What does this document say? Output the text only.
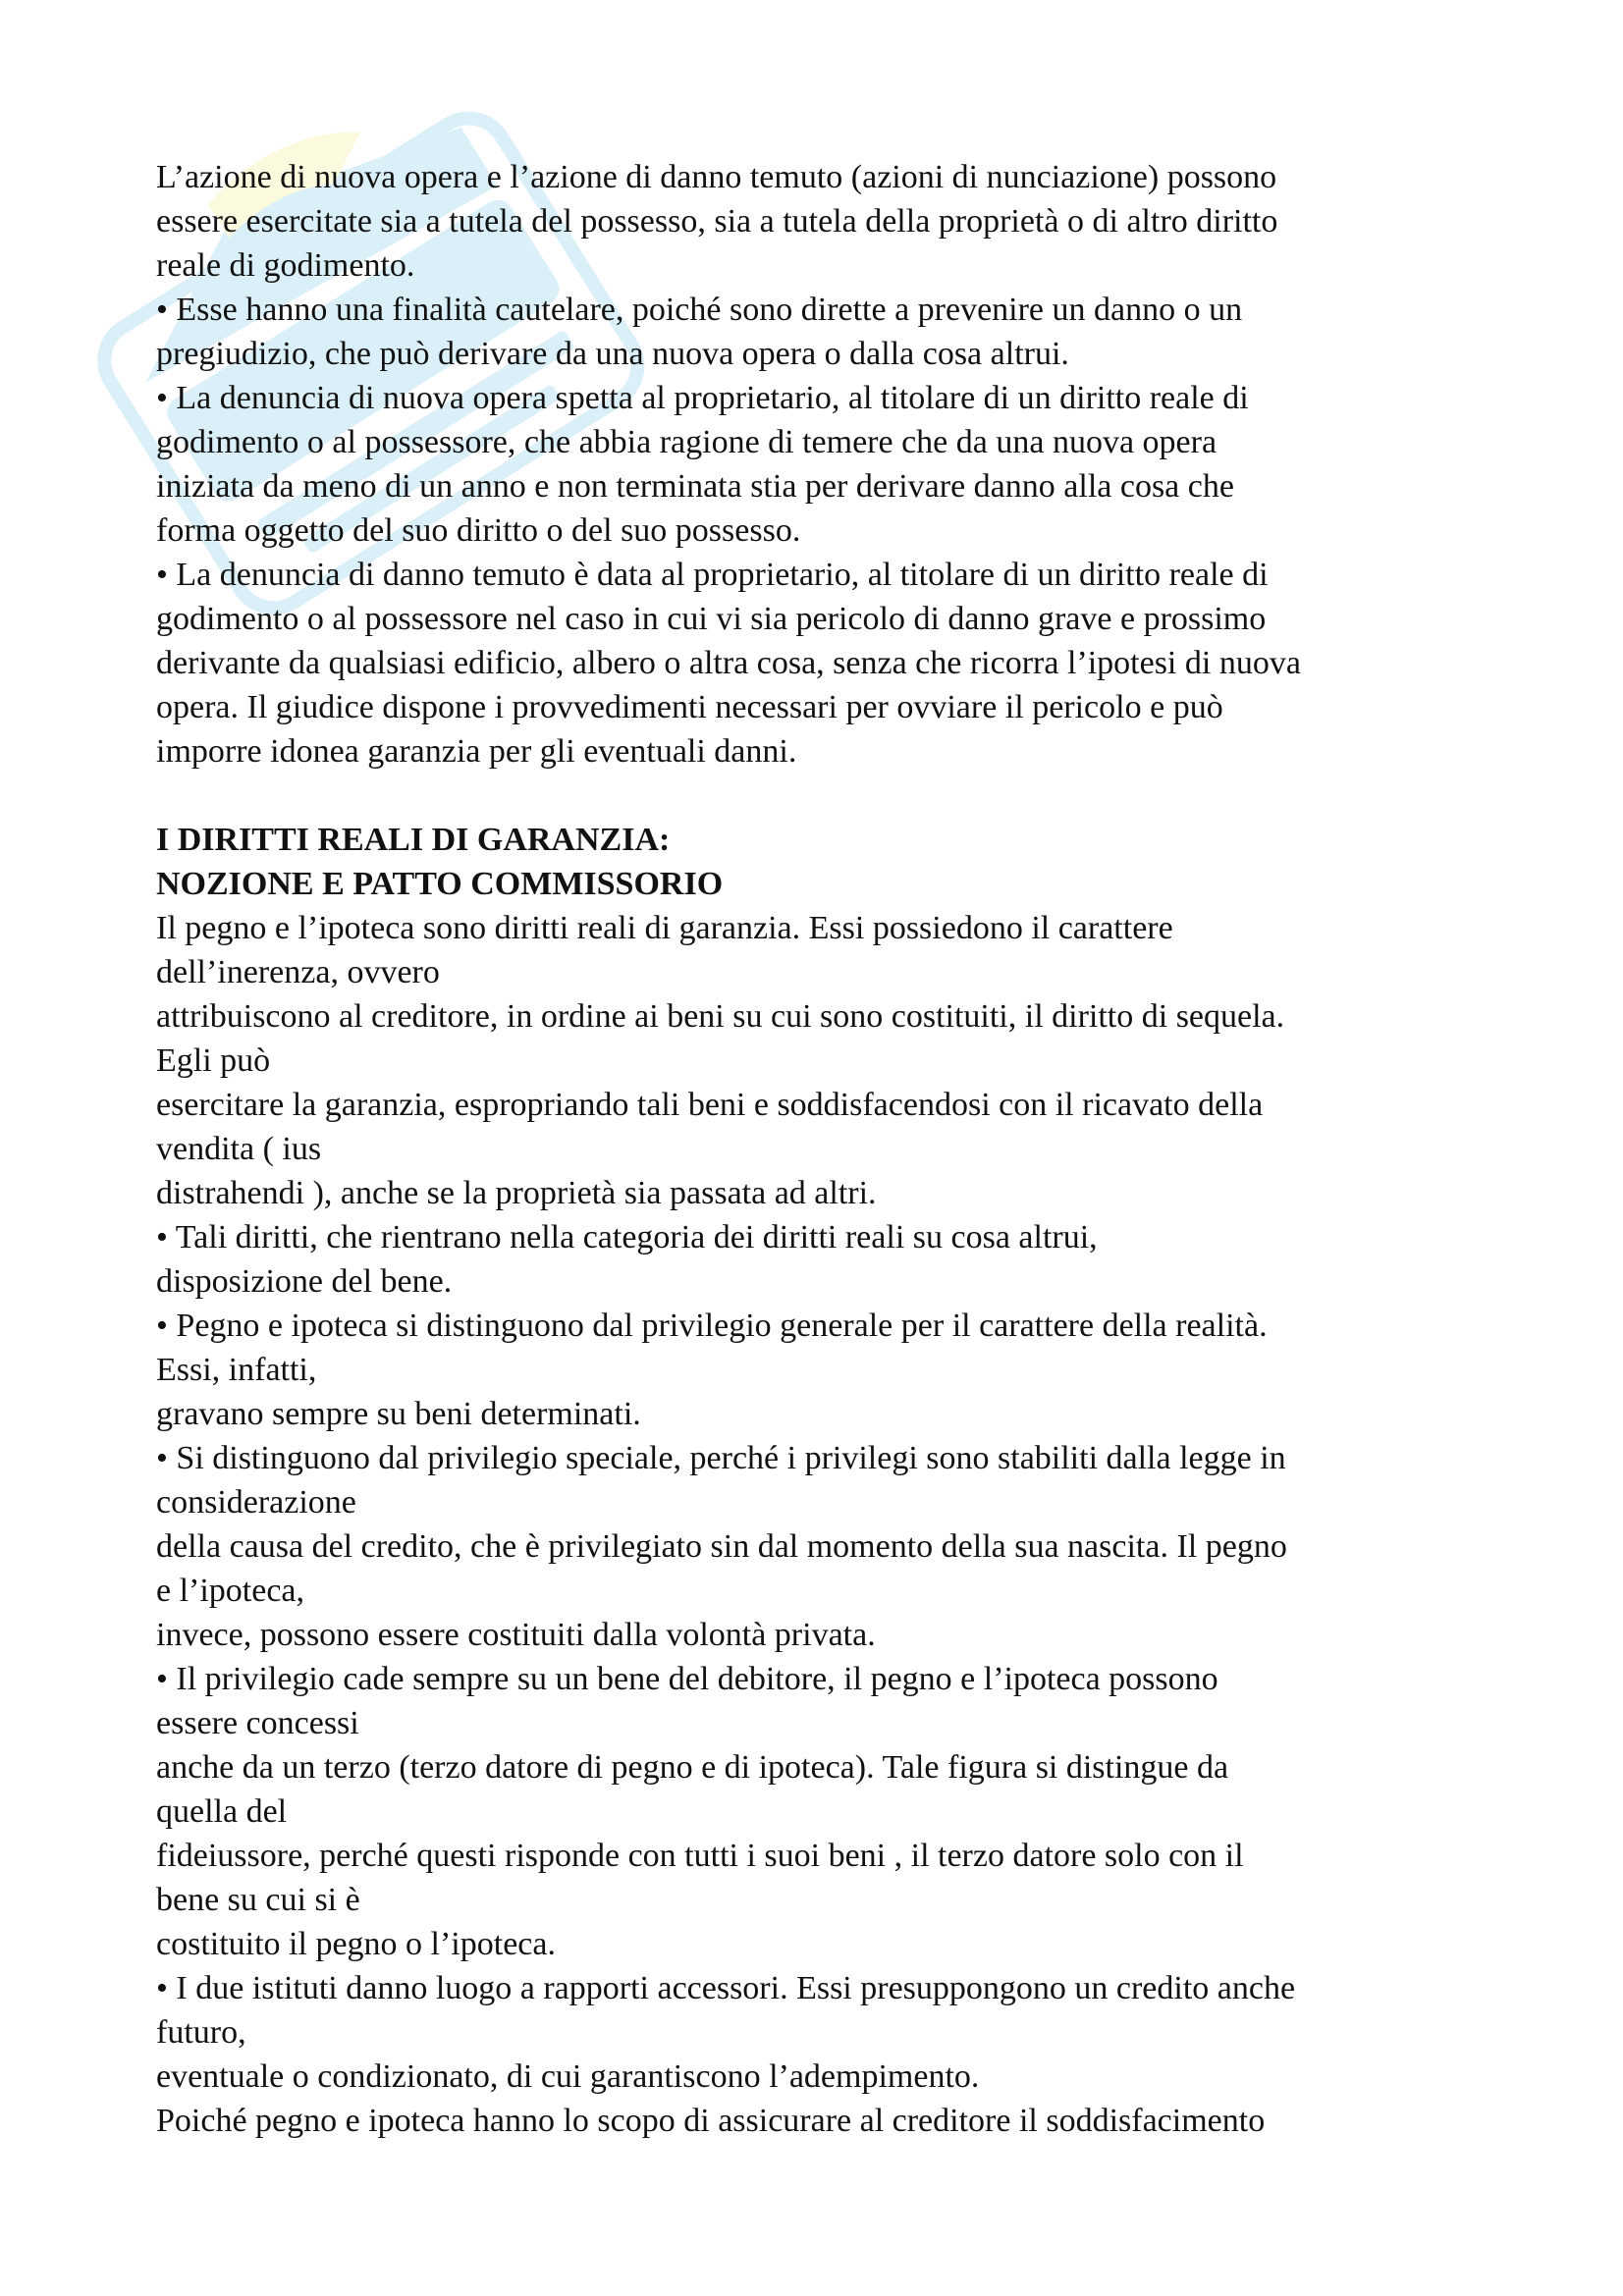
L’azione di nuova opera e l’azione di danno temuto (azioni di nunciazione) possono
essere esercitate sia a tutela del possesso, sia a tutela della proprietà o di altro diritto
reale di godimento.
• Esse hanno una finalità cautelare, poiché sono dirette a prevenire un danno o un
pregiudizio, che può derivare da una nuova opera o dalla cosa altrui.
• La denuncia di nuova opera spetta al proprietario, al titolare di un diritto reale di
godimento o al possessore, che abbia ragione di temere che da una nuova opera
iniziata da meno di un anno e non terminata stia per derivare danno alla cosa che
forma oggetto del suo diritto o del suo possesso.
• La denuncia di danno temuto è data al proprietario, al titolare di un diritto reale di
godimento o al possessore nel caso in cui vi sia pericolo di danno grave e prossimo
derivante da qualsiasi edificio, albero o altra cosa, senza che ricorra l’ipotesi di nuova
opera. Il giudice dispone i provvedimenti necessari per ovviare il pericolo e può
imporre idonea garanzia per gli eventuali danni.
I DIRITTI REALI DI GARANZIA:
NOZIONE E PATTO COMMISSORIO
Il pegno e l’ipoteca sono diritti reali di garanzia. Essi possiedono il carattere
dell’inerenza, ovvero
attribuiscono al creditore, in ordine ai beni su cui sono costituiti, il diritto di sequela.
Egli può
esercitare la garanzia, espropriando tali beni e soddisfacendosi con il ricavato della
vendita ( ius
distrahendi ), anche se la proprietà sia passata ad altri.
• Tali diritti, che rientrano nella categoria dei diritti reali su cosa altrui,
disposizione del bene.
• Pegno e ipoteca si distinguono dal privilegio generale per il carattere della realità.
Essi, infatti,
gravano sempre su beni determinati.
• Si distinguono dal privilegio speciale, perché i privilegi sono stabiliti dalla legge in
considerazione
della causa del credito, che è privilegiato sin dal momento della sua nascita. Il pegno
e l’ipoteca,
invece, possono essere costituiti dalla volontà privata.
• Il privilegio cade sempre su un bene del debitore, il pegno e l’ipoteca possono
essere concessi
anche da un terzo (terzo datore di pegno e di ipoteca). Tale figura si distingue da
quella del
fideiussore, perché questi risponde con tutti i suoi beni , il terzo datore solo con il
bene su cui si è
costituito il pegno o l’ipoteca.
• I due istituti danno luogo a rapporti accessori. Essi presuppongono un credito anche
futuro,
eventuale o condizionato, di cui garantiscono l’adempimento.
Poiché pegno e ipoteca hanno lo scopo di assicurare al creditore il soddisfacimento
